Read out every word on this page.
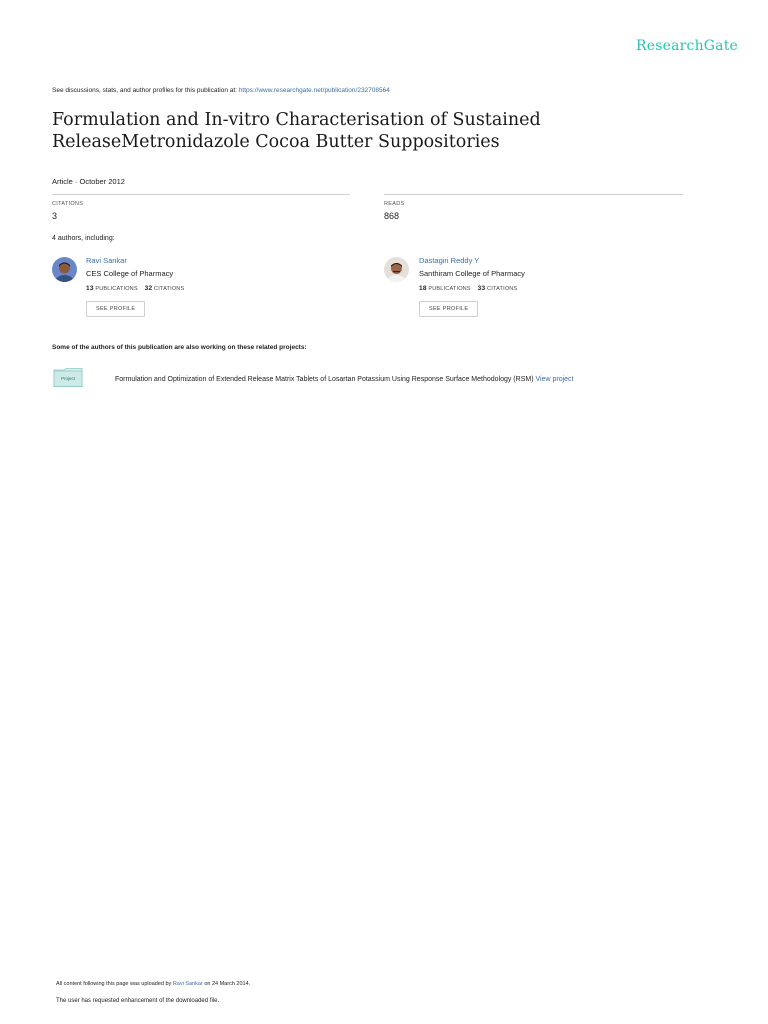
ResearchGate
See discussions, stats, and author profiles for this publication at: https://www.researchgate.net/publication/232708564
Formulation and In-vitro Characterisation of Sustained ReleaseMetronidazole Cocoa Butter Suppositories
Article · October 2012
CITATIONS
3
READS
868
4 authors, including:
Ravi Sankar
CES College of Pharmacy
13 PUBLICATIONS 32 CITATIONS
SEE PROFILE
Dastagiri Reddy Y
Santhiram College of Pharmacy
18 PUBLICATIONS 33 CITATIONS
SEE PROFILE
Some of the authors of this publication are also working on these related projects:
Project	Formulation and Optimization of Extended Release Matrix Tablets of Losartan Potassium Using Response Surface Methodology (RSM) View project
All content following this page was uploaded by Ravi Sankar on 24 March 2014.
The user has requested enhancement of the downloaded file.
